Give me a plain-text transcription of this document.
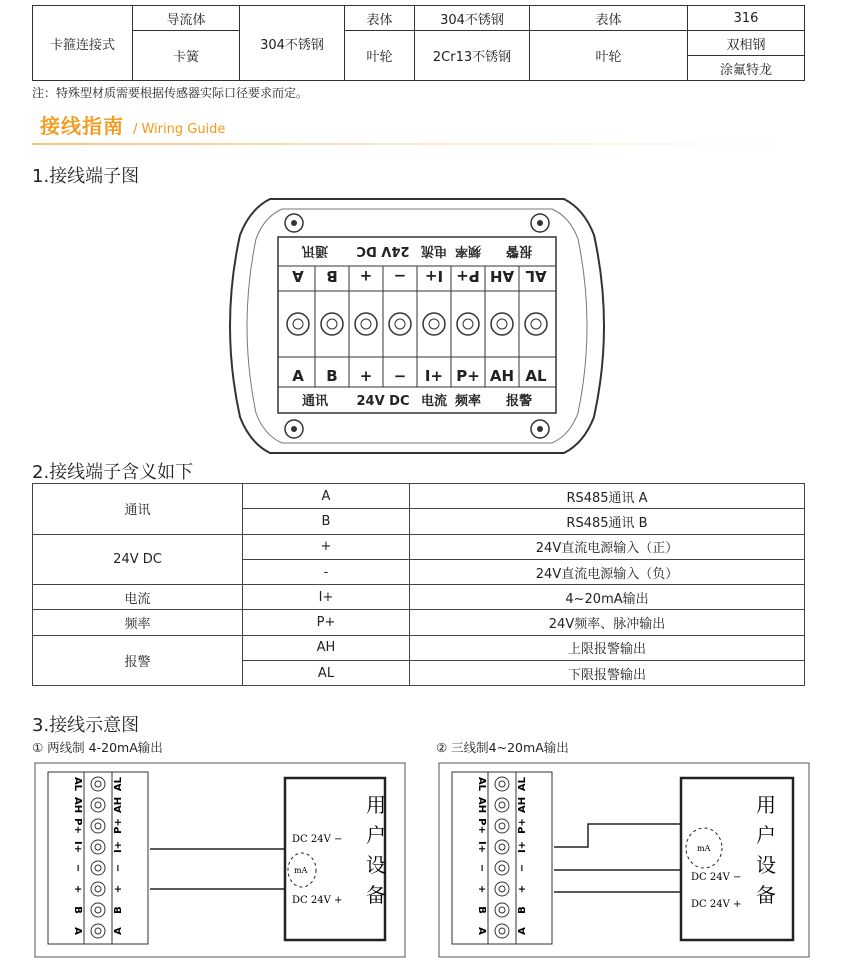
卡箍连接式	导流体	304不锈钢	表体	304不锈钢	表体	316
	卡簧		叶轮	2Cr13不锈钢	叶轮	双相钢
						涂氟特龙
注：特殊型材质需要根据传感器实际口径要求而定。
接线指南 / Wiring Guide
1.接线端子图
A B + − I+ P+ AH AL
A B + − I+ P+ AH AL
通讯 24V DC 电流 频率 报警
通讯 24V DC 电流 频率 报警
2.接线端子含义如下
通讯	A	RS485通讯 A
	B	RS485通讯 B
24V DC	+	24V直流电源输入（正）
	-	24V直流电源输入（负）
电流	I+	4~20mA输出
频率	P+	24V频率、脉冲输出
报警	AH	上限报警输出
	AL	下限报警输出
3.接线示意图
① 两线制 4-20mA输出	② 三线制4~20mA输出
AL	AL
AH	AH
P+	P+
I+	I+
−	−
+	+
B	B
A	A
用
户
设
备
DC 24V −
DC 24V +
mA
AL	AL
AH	AH
P+	P+
I+	I+
−	−
+	+
B	B
A	A
用
户
设
备
mA
DC 24V −
DC 24V +
